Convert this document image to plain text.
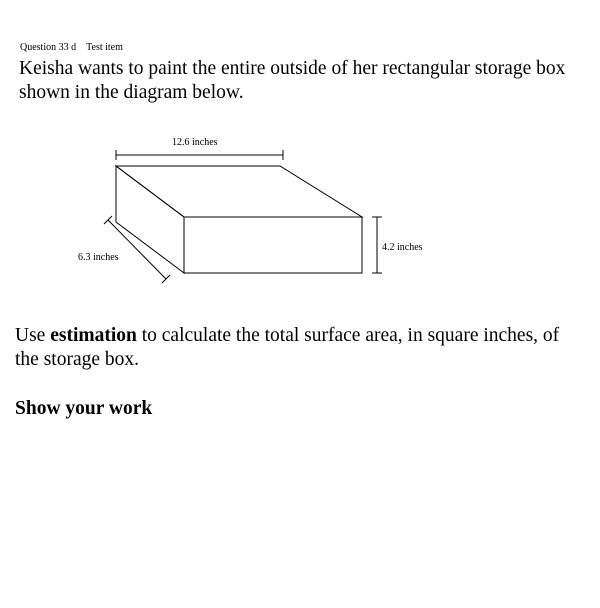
Question 33 d Test item
Keisha wants to paint the entire outside of her rectangular storage box shown in the diagram below.
12.6 inches
4.2 inches
6.3 inches
Use estimation to calculate the total surface area, in square inches, of the storage box.
Show your work
